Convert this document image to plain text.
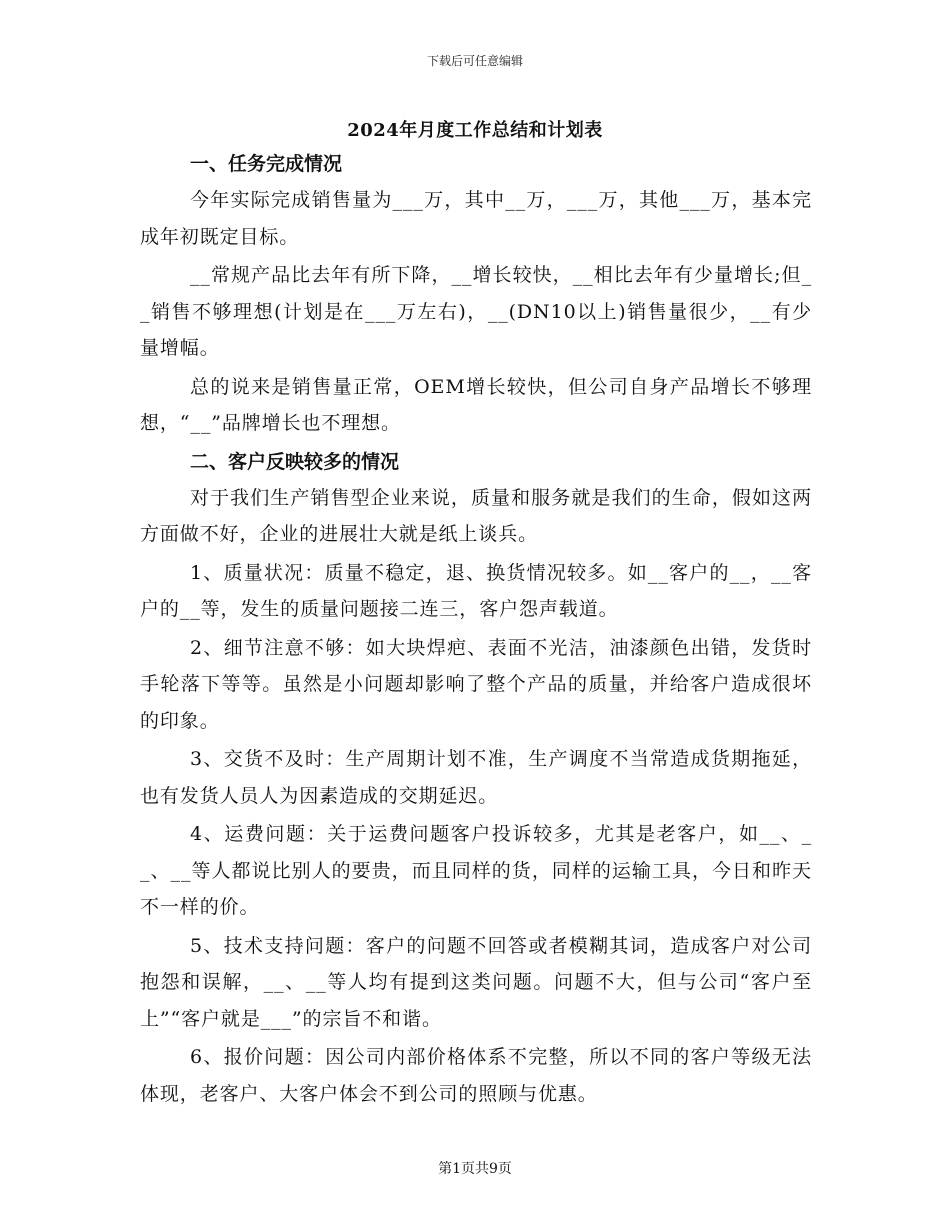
下载后可任意编辑
2024年月度工作总结和计划表
一、任务完成情况

今年实际完成销售量为___万，其中__万，___万，其他___万，基本完成年初既定目标。

__常规产品比去年有所下降，__增长较快，__相比去年有少量增长;但__销售不够理想(计划是在___万左右)，__(DN10以上)销售量很少，__有少量增幅。

总的说来是销售量正常，OEM增长较快，但公司自身产品增长不够理想，“__”品牌增长也不理想。

二、客户反映较多的情况

对于我们生产销售型企业来说，质量和服务就是我们的生命，假如这两方面做不好，企业的进展壮大就是纸上谈兵。

1、质量状况：质量不稳定，退、换货情况较多。如__客户的__，__客户的__等，发生的质量问题接二连三，客户怨声载道。

2、细节注意不够：如大块焊疤、表面不光洁，油漆颜色出错，发货时手轮落下等等。虽然是小问题却影响了整个产品的质量，并给客户造成很坏的印象。

3、交货不及时：生产周期计划不准，生产调度不当常造成货期拖延，也有发货人员人为因素造成的交期延迟。

4、运费问题：关于运费问题客户投诉较多，尤其是老客户，如__、__、__等人都说比别人的要贵，而且同样的货，同样的运输工具，今日和昨天不一样的价。

5、技术支持问题：客户的问题不回答或者模糊其词，造成客户对公司抱怨和误解，__、__等人均有提到这类问题。问题不大，但与公司“客户至上”“客户就是___”的宗旨不和谐。

6、报价问题：因公司内部价格体系不完整，所以不同的客户等级无法体现，老客户、大客户体会不到公司的照顾与优惠。

第1页共9页
